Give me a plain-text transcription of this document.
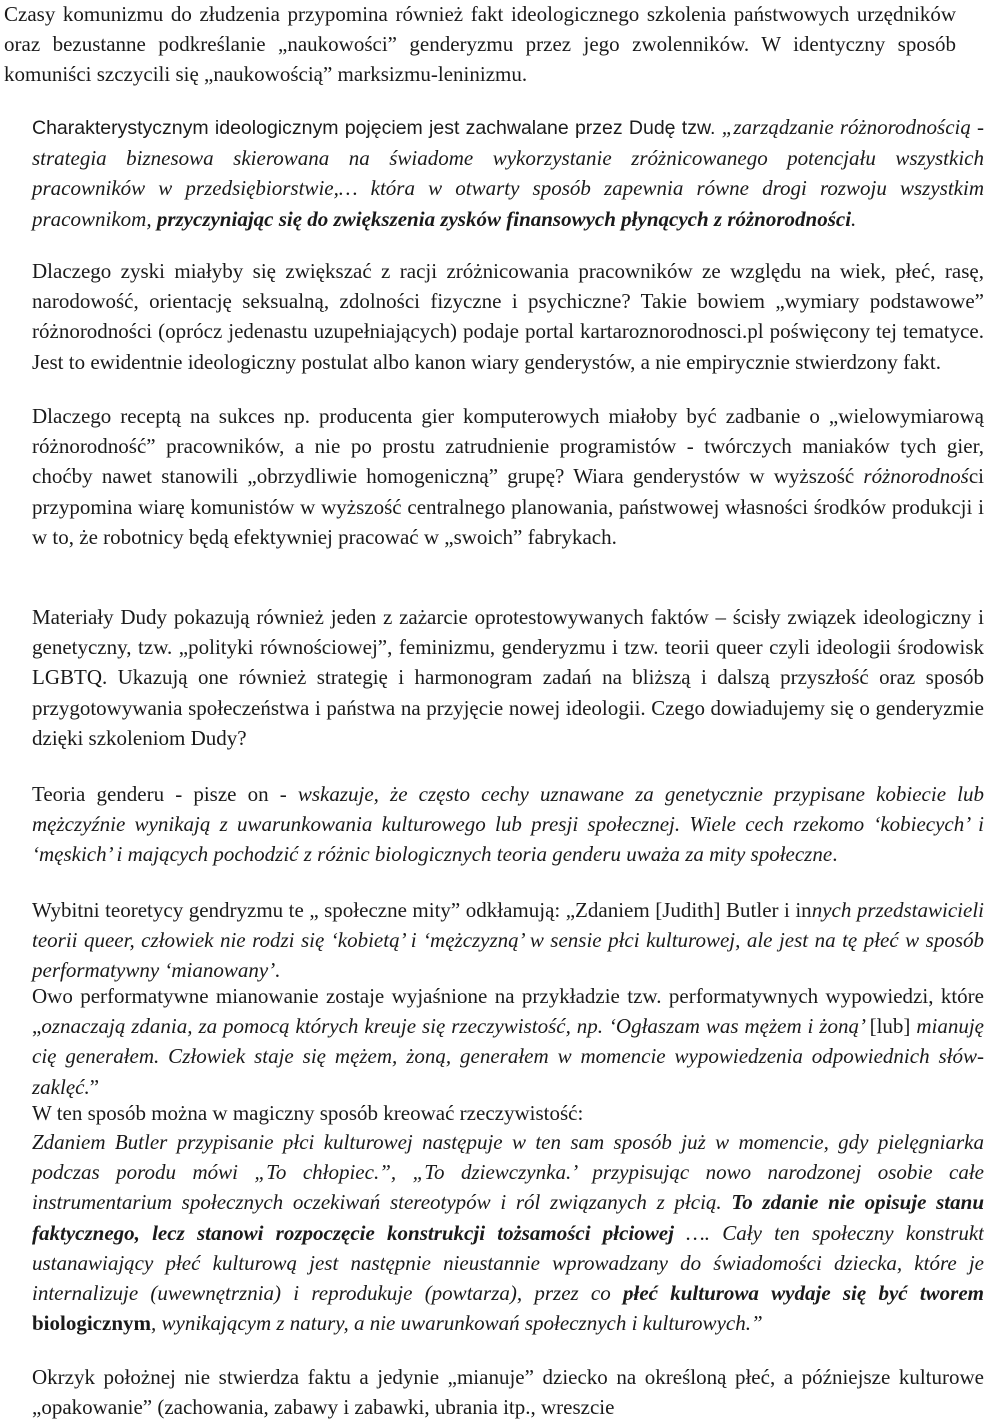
Czasy komunizmu do złudzenia przypomina również fakt ideologicznego szkolenia państwowych urzędników oraz bezustanne podkreślanie „naukowości” genderyzmu przez jego zwolenników. W identyczny sposób komuniści szczycili się „naukowością” marksizmu-leninizmu.

Charakterystycznym ideologicznym pojęciem jest zachwalane przez Dudę tzw. „zarządzanie różnorodnością - strategia biznesowa skierowana na świadome wykorzystanie zróżnicowanego potencjału wszystkich pracowników w przedsiębiorstwie,… która w otwarty sposób zapewnia równe drogi rozwoju wszystkim pracownikom, przyczyniając się do zwiększenia zysków finansowych płynących z różnorodności.

Dlaczego zyski miałyby się zwiększać z racji zróżnicowania pracowników ze względu na wiek, płeć, rasę, narodowość, orientację seksualną, zdolności fizyczne i psychiczne? Takie bowiem „wymiary podstawowe” różnorodności (oprócz jedenastu uzupełniających) podaje portal kartaroznorodnosci.pl poświęcony tej tematyce. Jest to ewidentnie ideologiczny postulat albo kanon wiary genderystów, a nie empirycznie stwierdzony fakt.

Dlaczego receptą na sukces np. producenta gier komputerowych miałoby być zadbanie o „wielowymiarową różnorodność” pracowników, a nie po prostu zatrudnienie programistów - twórczych maniaków tych gier, choćby nawet stanowili „obrzydliwie homogeniczną” grupę? Wiara genderystów w wyższość różnorodności przypomina wiarę komunistów w wyższość centralnego planowania, państwowej własności środków produkcji i w to, że robotnicy będą efektywniej pracować w „swoich” fabrykach.

Materiały Dudy pokazują również jeden z zażarcie oprotestowywanych faktów – ścisły związek ideologiczny i genetyczny, tzw. „polityki równościowej”, feminizmu, genderyzmu i tzw. teorii queer czyli ideologii środowisk LGBTQ. Ukazują one również strategię i harmonogram zadań na bliższą i dalszą przyszłość oraz sposób przygotowywania społeczeństwa i państwa na przyjęcie nowej ideologii. Czego dowiadujemy się o genderyzmie dzięki szkoleniom Dudy?

Teoria genderu - pisze on - wskazuje, że często cechy uznawane za genetycznie przypisane kobiecie lub mężczyźnie wynikają z uwarunkowania kulturowego lub presji społecznej. Wiele cech rzekomo ‘kobiecych’ i ‘męskich’ i mających pochodzić z różnic biologicznych teoria genderu uważa za mity społeczne.

Wybitni teoretycy gendryzmu te „ społeczne mity” odkłamują: „Zdaniem [Judith] Butler i innych przedstawicieli teorii queer, człowiek nie rodzi się ‘kobietą’ i ‘mężczyzną’ w sensie płci kulturowej, ale jest na tę płeć w sposób performatywny ‘mianowany’.

Owo performatywne mianowanie zostaje wyjaśnione na przykładzie tzw. performatywnych wypowiedzi, które „oznaczają zdania, za pomocą których kreuje się rzeczywistość, np. ‘Ogłaszam was mężem i żoną’ [lub] mianuję cię generałem. Człowiek staje się mężem, żoną, generałem w momencie wypowiedzenia odpowiednich słów-zaklęć.”

W ten sposób można w magiczny sposób kreować rzeczywistość:

Zdaniem Butler przypisanie płci kulturowej następuje w ten sam sposób już w momencie, gdy pielęgniarka podczas porodu mówi „To chłopiec.”, „To dziewczynka.’ przypisując nowo narodzonej osobie całe instrumentarium społecznych oczekiwań stereotypów i ról związanych z płcią. To zdanie nie opisuje stanu faktycznego, lecz stanowi rozpoczęcie konstrukcji tożsamości płciowej …. Cały ten społeczny konstrukt ustanawiający płeć kulturową jest następnie nieustannie wprowadzany do świadomości dziecka, które je internalizuje (uwewnętrznia) i reprodukuje (powtarza), przez co płeć kulturowa wydaje się być tworem biologicznym, wynikającym z natury, a nie uwarunkowań społecznych i kulturowych.”

Okrzyk położnej nie stwierdza faktu a jedynie „mianuje” dziecko na określoną płeć, a późniejsze kulturowe „opakowanie” (zachowania, zabawy i zabawki, ubrania itp., wreszcie
